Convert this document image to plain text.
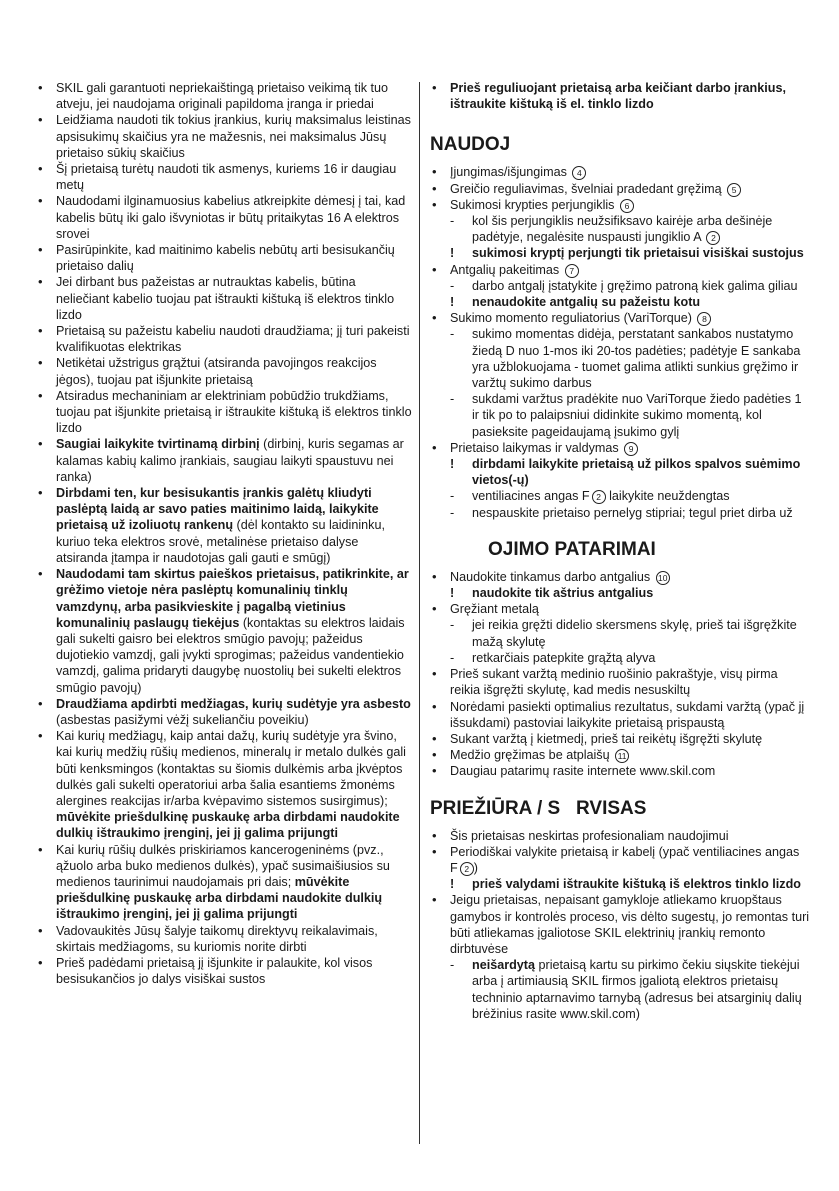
• SKIL gali garantuoti nepriekaištingą prietaiso veikimą tik tuo atveju, jei naudojama originali papildoma įranga ir priedai
• Leidžiama naudoti tik tokius įrankius, kurių maksimalus leistinas apsisukimų skaičius yra ne mažesnis, nei maksimalus Jūsų prietaiso sūkių skaičius
• Šį prietaisą turėtų naudoti tik asmenys, kuriems 16 ir daugiau metų
• Naudodami ilginamuosius kabelius atkreipkite dėmesį į tai, kad kabelis būtų iki galo išvyniotas ir būtų pritaikytas 16 A elektros srovei
• Pasirūpinkite, kad maitinimo kabelis nebūtų arti besisukančių prietaiso dalių
• Jei dirbant bus pažeistas ar nutrauktas kabelis, būtina neliečiant kabelio tuojau pat ištraukti kištuką iš elektros tinklo lizdo
• Prietaisą su pažeistu kabeliu naudoti draudžiama; jį turi pakeisti kvalifikuotas elektrikas
• Netikėtai užstrigus grąžtui (atsiranda pavojingos reakcijos jėgos), tuojau pat išjunkite prietaisą
• Atsiradus mechaniniam ar elektriniam pobūdžio trukdžiams, tuojau pat išjunkite prietaisą ir ištraukite kištuką iš elektros tinklo lizdo
• Saugiai laikykite tvirtinamą dirbinį (dirbinį, kuris segamas ar kalamas kabių kalimo įrankiais, saugiau laikyti spaustuvu nei ranka)
• Dirbdami ten, kur besisukantis įrankis galėtų kliudyti paslėptą laidą ar savo paties maitinimo laidą, laikykite prietaisą už izoliuotų rankenų (dėl kontakto su laidininku, kuriuo teka elektros srovė, metalinėse prietaiso dalyse atsiranda įtampa ir naudotojas gali gauti e smūgį)
• Naudodami tam skirtus paieškos prietaisus, patikrinkite, ar grėžimo vietoje nėra paslėptų komunalinių tinklų vamzdynų, arba pasikvieskite į pagalbą vietinius komunalinių paslaugų tiekėjus (kontaktas su elektros laidais gali sukelti gaisro bei elektros smūgio pavojų; pažeidus dujotiekio vamzdį, gali įvykti sprogimas; pažeidus vandentiekio vamzdį, galima pridaryti daugybę nuostolių bei sukelti elektros smūgio pavojų)
• Draudžiama apdirbti medžiagas, kurių sudėtyje yra asbesto (asbestas pasižymi vėžį sukeliančiu poveikiu)
• Kai kurių medžiagų, kaip antai dažų, kurių sudėtyje yra švino, kai kurių medžių rūšių medienos, mineralų ir metalo dulkės gali būti kenksmingos (kontaktas su šiomis dulkėmis arba įkvėptos dulkės gali sukelti operatoriui arba šalia esantiems žmonėms alergines reakcijas ir/arba kvėpavimo sistemos susirgimus); mūvėkite priešdulkinę puskaukę arba dirbdami naudokite dulkių ištraukimo įrenginį, jei jį galima prijungti
• Kai kurių rūšių dulkės priskiriamos kancerogeninėms (pvz., ąžuolo arba buko medienos dulkės), ypač susimaišiusios su medienos taurinimui naudojamais pri dais; mūvėkite priešdulkinę puskaukę arba dirbdami naudokite dulkių ištraukimo įrenginį, jei jį galima prijungti
• Vadovaukitės Jūsų šalyje taikomų direktyvų reikalavimais, skirtais medžiagoms, su kuriomis norite dirbti
• Prieš padėdami prietaisą jį išjunkite ir palaukite, kol visos besisukančios jo dalys visiškai sustos
• Prieš reguliuojant prietaisą arba keičiant darbo įrankius, ištraukite kištuką iš el. tinklo lizdo
NAUDOJ
• Įjungimas/išjungimas 4
• Greičio reguliavimas, švelniai pradedant gręžimą 5
• Sukimosi krypties perjungiklis 6
- kol šis perjungiklis neužsifiksavo kairėje arba dešinėje padėtyje, negalėsite nuspausti jungiklio A 2
! sukimosi kryptį perjungti tik prietaisui visiškai sustojus
• Antgalių pakeitimas 7
- darbo antgalį įstatykite į gręžimo patroną kiek galima giliau
! nenaudokite antgalių su pažeistu kotu
• Sukimo momento reguliatorius (VariTorque) 8
- sukimo momentas didėja, perstatant sankabos nustatymo žiedą D nuo 1-mos iki 20-tos padėties; padėtyje E sankaba yra užblokuojama - tuomet galima atlikti sunkius gręžimo ir varžtų sukimo darbus
- sukdami varžtus pradėkite nuo VariTorque žiedo padėties 1 ir tik po to palaipsniui didinkite sukimo momentą, kol pasieksite pageidaujamą įsukimo gylį
• Prietaiso laikymas ir valdymas 9
! dirbdami laikykite prietaisą už pilkos spalvos suėmimo vietos(-ų)
- ventiliacines angas F 2 laikykite neuždengtas
- nespauskite prietaiso pernelyg stipriai; tegul priet dirba už
OJIMO PATARIMAI
• Naudokite tinkamus darbo antgalius 10
! naudokite tik aštrius antgalius
• Gręžiant metalą
- jei reikia gręžti didelio skersmens skylę, prieš tai išgręžkite mažą skylutę
- retkarčiais patepkite grąžtą alyva
• Prieš sukant varžtą medinio ruošinio pakraštyje, visų pirma reikia išgręžti skylutę, kad medis nesuskiltų
• Norėdami pasiekti optimalius rezultatus, sukdami varžtą (ypač jį išsukdami) pastoviai laikykite prietaisą prispaustą
• Sukant varžtą į kietmedį, prieš tai reikėtų išgręžti skylutę
• Medžio gręžimas be atplaišų 11
• Daugiau patarimų rasite internete www.skil.com
PRIEŽIŪRA / S   RVISAS
• Šis prietaisas neskirtas profesionaliam naudojimui
• Periodiškai valykite prietaisą ir kabelį (ypač ventiliacines angas F 2 )
! prieš valydami ištraukite kištuką iš elektros tinklo lizdo
• Jeigu prietaisas, nepaisant gamykloje atliekamo kruopštaus gamybos ir kontrolės proceso, vis dėlto sugestų, jo remontas turi būti atliekamas įgaliotose SKIL elektrinių įrankių remonto dirbtuvėse
- neišardytą prietaisą kartu su pirkimo čekiu siųskite tiekėjui arba į artimiausią SKIL firmos įgaliotą elektros prietaisų techninio aptarnavimo tarnybą (adresus bei atsarginių dalių brėžinius rasite www.skil.com)
